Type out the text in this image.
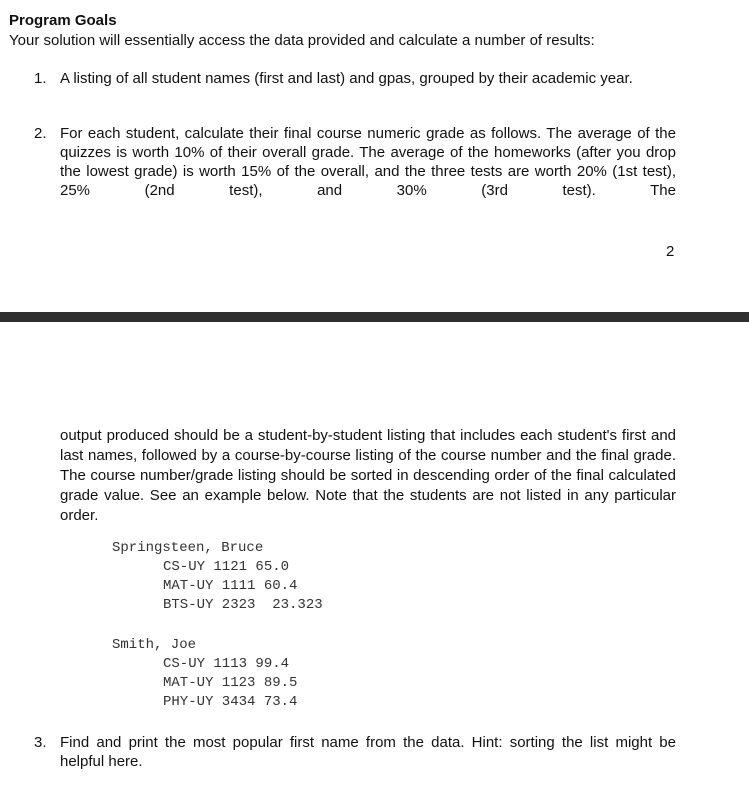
Program Goals
Your solution will essentially access the data provided and calculate a number of results:
1. A listing of all student names (first and last) and gpas, grouped by their academic year.
2. For each student, calculate their final course numeric grade as follows. The average of the quizzes is worth 10% of their overall grade. The average of the homeworks (after you drop the lowest grade) is worth 15% of the overall, and the three tests are worth 20% (1st test), 25% (2nd test), and 30% (3rd test). The
2
output produced should be a student-by-student listing that includes each student's first and last names, followed by a course-by-course listing of the course number and the final grade. The course number/grade listing should be sorted in descending order of the final calculated grade value. See an example below. Note that the students are not listed in any particular order.
Springsteen, Bruce
CS-UY 1121 65.0
MAT-UY 1111 60.4
BTS-UY 2323  23.323
Smith, Joe
CS-UY 1113 99.4
MAT-UY 1123 89.5
PHY-UY 3434 73.4
3. Find and print the most popular first name from the data. Hint: sorting the list might be helpful here.
